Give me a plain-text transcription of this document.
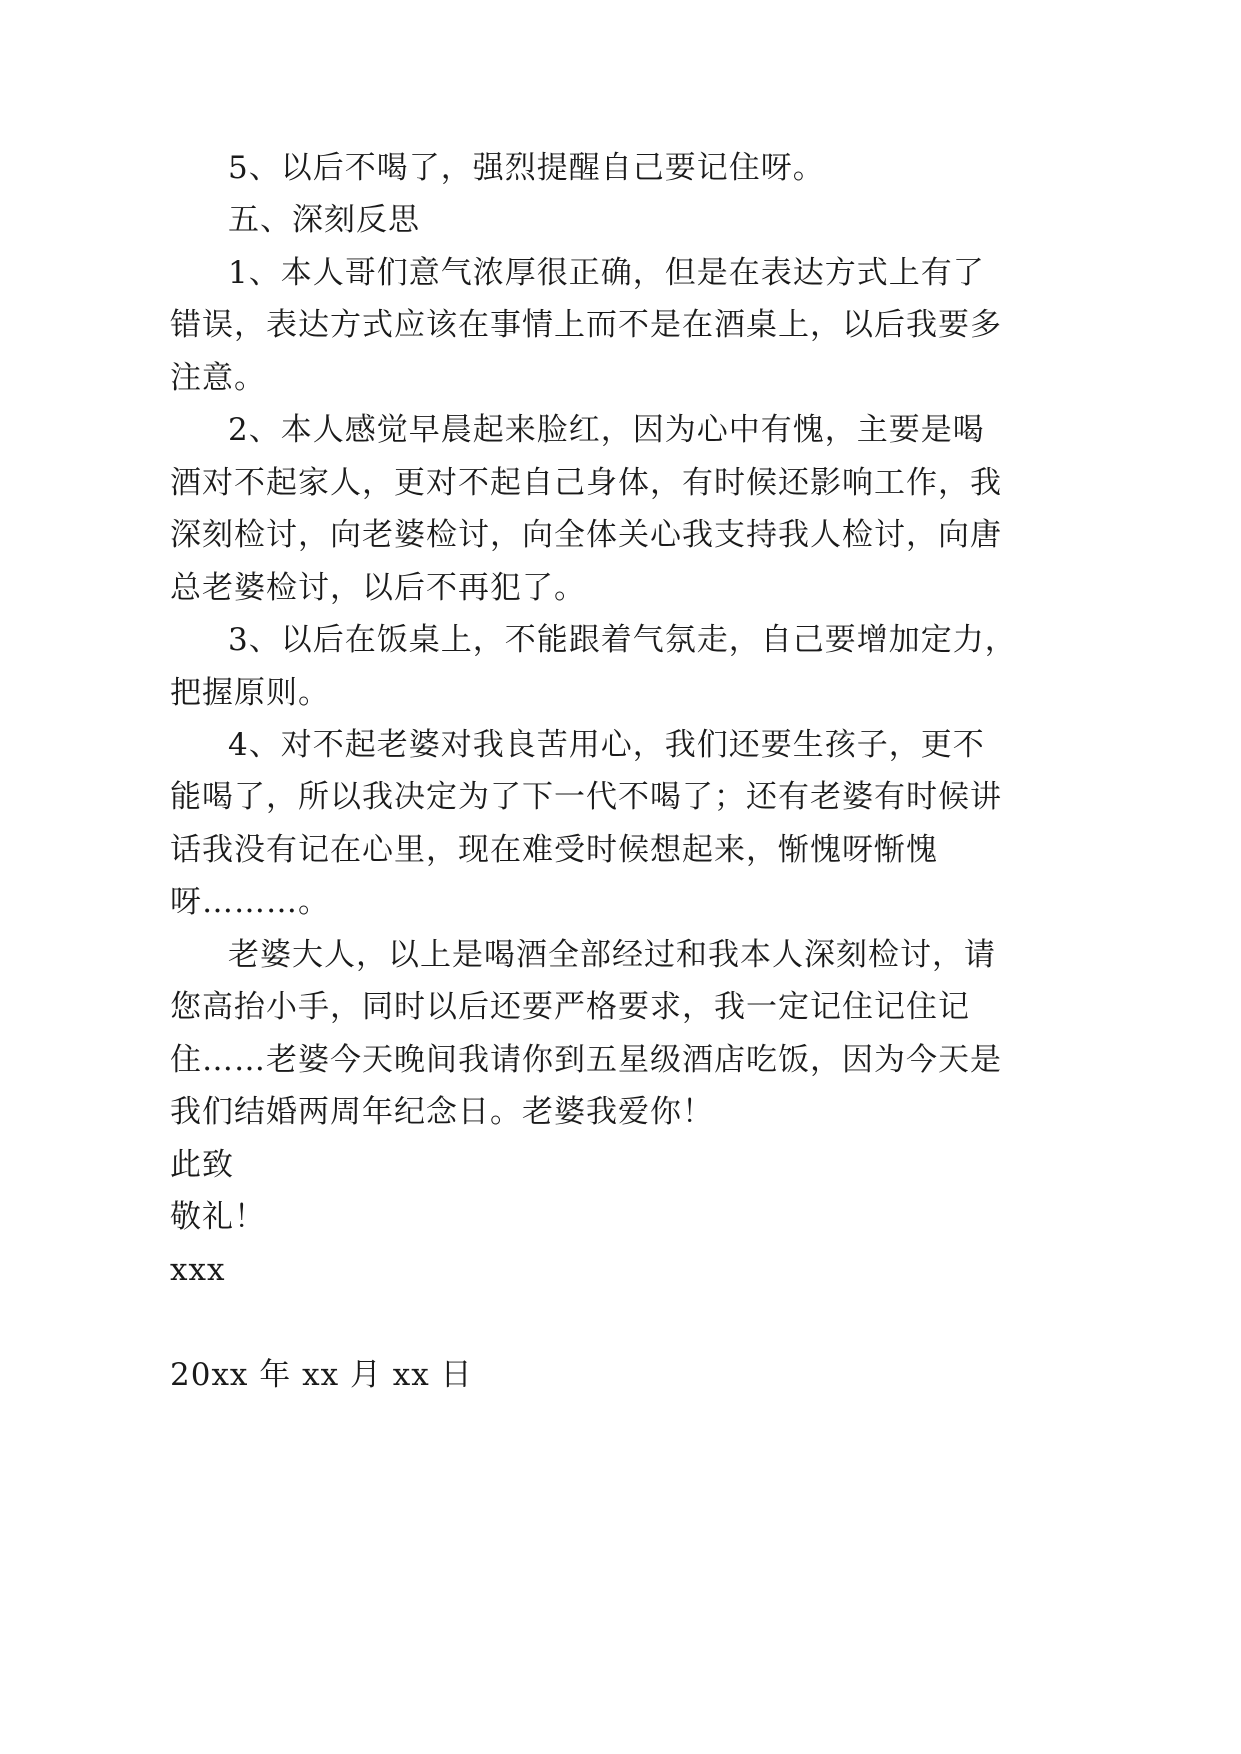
5、以后不喝了，强烈提醒自己要记住呀。
五、深刻反思
1、本人哥们意气浓厚很正确，但是在表达方式上有了
错误，表达方式应该在事情上而不是在酒桌上，以后我要多
注意。
2、本人感觉早晨起来脸红，因为心中有愧，主要是喝
酒对不起家人，更对不起自己身体，有时候还影响工作，我
深刻检讨，向老婆检讨，向全体关心我支持我人检讨，向唐
总老婆检讨，以后不再犯了。
3、以后在饭桌上，不能跟着气氛走，自己要增加定力，
把握原则。
4、对不起老婆对我良苦用心，我们还要生孩子，更不
能喝了，所以我决定为了下一代不喝了；还有老婆有时候讲
话我没有记在心里，现在难受时候想起来，惭愧呀惭愧
呀………。
老婆大人，以上是喝酒全部经过和我本人深刻检讨，请
您高抬小手，同时以后还要严格要求，我一定记住记住记
住……老婆今天晚间我请你到五星级酒店吃饭，因为今天是
我们结婚两周年纪念日。老婆我爱你！
此致
敬礼！
xxx
20xx 年 xx 月 xx 日
